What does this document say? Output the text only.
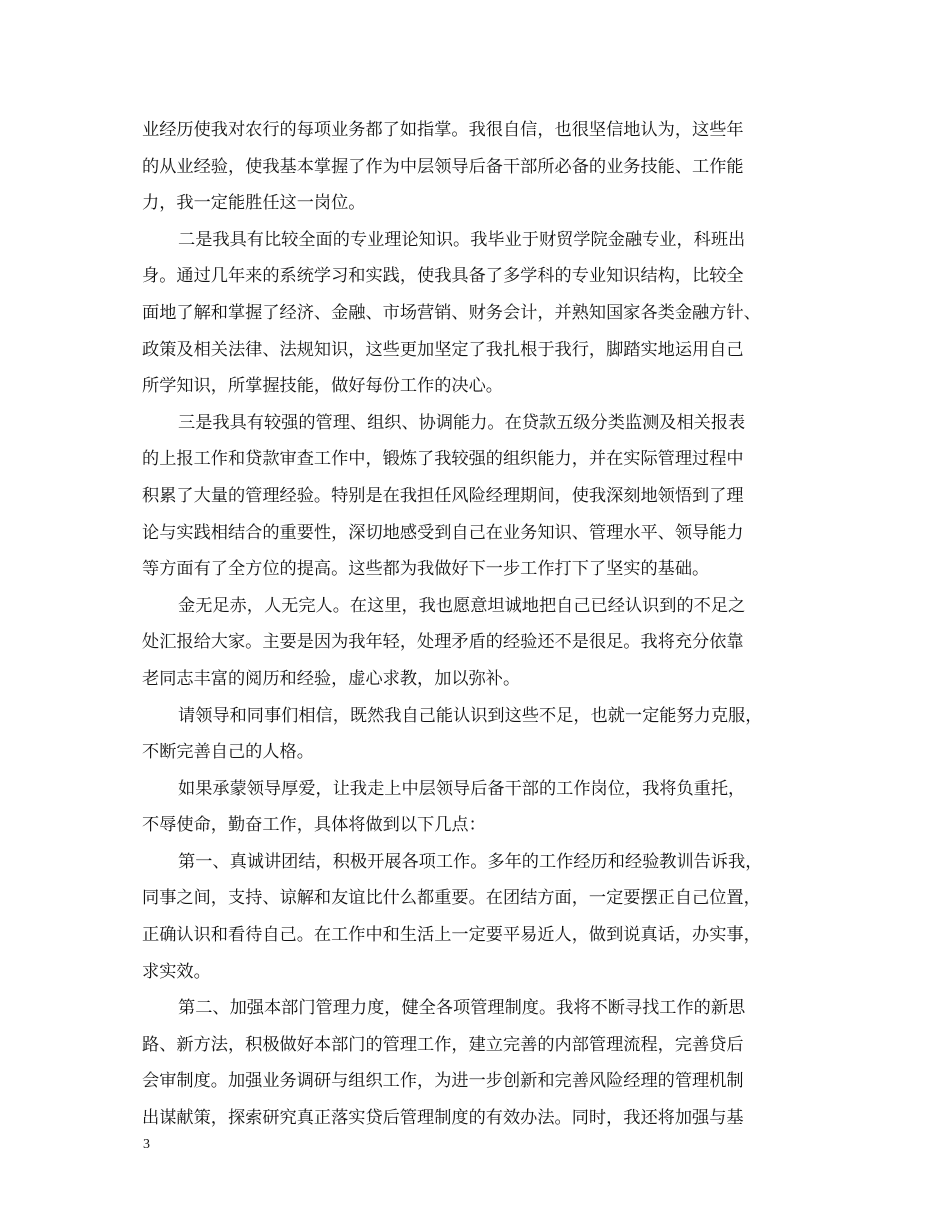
业经历使我对农行的每项业务都了如指掌。我很自信，也很坚信地认为，这些年
的从业经验，使我基本掌握了作为中层领导后备干部所必备的业务技能、工作能
力，我一定能胜任这一岗位。
二是我具有比较全面的专业理论知识。我毕业于财贸学院金融专业，科班出
身。通过几年来的系统学习和实践，使我具备了多学科的专业知识结构，比较全
面地了解和掌握了经济、金融、市场营销、财务会计，并熟知国家各类金融方针、
政策及相关法律、法规知识，这些更加坚定了我扎根于我行，脚踏实地运用自己
所学知识，所掌握技能，做好每份工作的决心。
三是我具有较强的管理、组织、协调能力。在贷款五级分类监测及相关报表
的上报工作和贷款审查工作中，锻炼了我较强的组织能力，并在实际管理过程中
积累了大量的管理经验。特别是在我担任风险经理期间，使我深刻地领悟到了理
论与实践相结合的重要性，深切地感受到自己在业务知识、管理水平、领导能力
等方面有了全方位的提高。这些都为我做好下一步工作打下了坚实的基础。
金无足赤，人无完人。在这里，我也愿意坦诚地把自己已经认识到的不足之
处汇报给大家。主要是因为我年轻，处理矛盾的经验还不是很足。我将充分依靠
老同志丰富的阅历和经验，虚心求教，加以弥补。
请领导和同事们相信，既然我自己能认识到这些不足，也就一定能努力克服，
不断完善自己的人格。
如果承蒙领导厚爱，让我走上中层领导后备干部的工作岗位，我将负重托，
不辱使命，勤奋工作，具体将做到以下几点：
第一、真诚讲团结，积极开展各项工作。多年的工作经历和经验教训告诉我，
同事之间，支持、谅解和友谊比什么都重要。在团结方面，一定要摆正自己位置，
正确认识和看待自己。在工作中和生活上一定要平易近人，做到说真话，办实事，
求实效。
第二、加强本部门管理力度，健全各项管理制度。我将不断寻找工作的新思
路、新方法，积极做好本部门的管理工作，建立完善的内部管理流程，完善贷后
会审制度。加强业务调研与组织工作，为进一步创新和完善风险经理的管理机制
出谋献策，探索研究真正落实贷后管理制度的有效办法。同时，我还将加强与基
3
